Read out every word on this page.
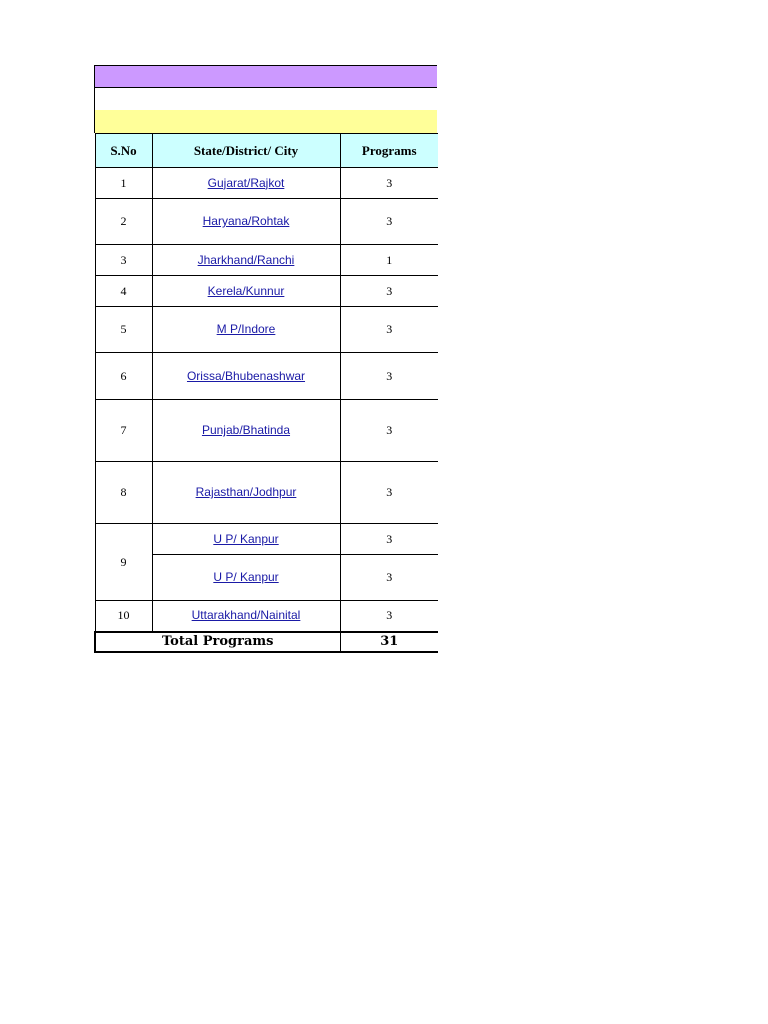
S.No	State/District/ City	Programs
1	Gujarat/Rajkot	3
2	Haryana/Rohtak	3
3	Jharkhand/Ranchi	1
4	Kerela/Kunnur	3
5	M P/Indore	3
6	Orissa/Bhubenashwar	3
7	Punjab/Bhatinda	3
8	Rajasthan/Jodhpur	3
9	U P/ Kanpur	3
	U P/ Kanpur	3
10	Uttarakhand/Nainital	3
Total Programs		31
